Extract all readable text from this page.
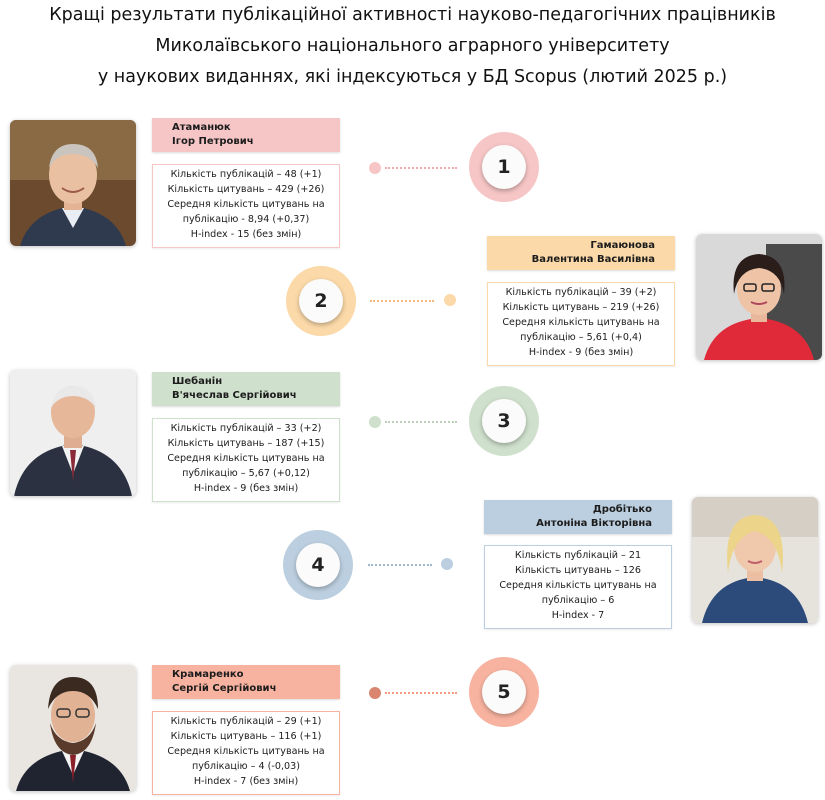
Кращі результати публікаційної активності науково-педагогічних працівників
Миколаївського національного аграрного університету
у наукових виданнях, які індексуються у БД Scopus (лютий 2025 р.)
Атаманюк
Ігор Петрович
Кількість публікацій – 48 (+1)
Кількість цитувань – 429 (+26)
Середня кількість цитувань на
публікацію - 8,94 (+0,37)
H-index - 15 (без змін)
1
2
Гамаюнова
Валентина Василівна
Кількість публікацій – 39 (+2)
Кількість цитувань – 219 (+26)
Середня кількість цитувань на
публікацію – 5,61 (+0,4)
H-index - 9 (без змін)
Шебанін
В'ячеслав Сергійович
Кількість публікацій – 33 (+2)
Кількість цитувань – 187 (+15)
Середня кількість цитувань на
публікацію – 5,67 (+0,12)
H-index - 9 (без змін)
3
4
Дробітько
Антоніна Вікторівна
Кількість публікацій – 21
Кількість цитувань – 126
Середня кількість цитувань на
публікацію – 6
H-index - 7
Крамаренко
Сергій Сергійович
Кількість публікацій – 29 (+1)
Кількість цитувань – 116 (+1)
Середня кількість цитувань на
публікацію – 4 (-0,03)
H-index - 7 (без змін)
5
